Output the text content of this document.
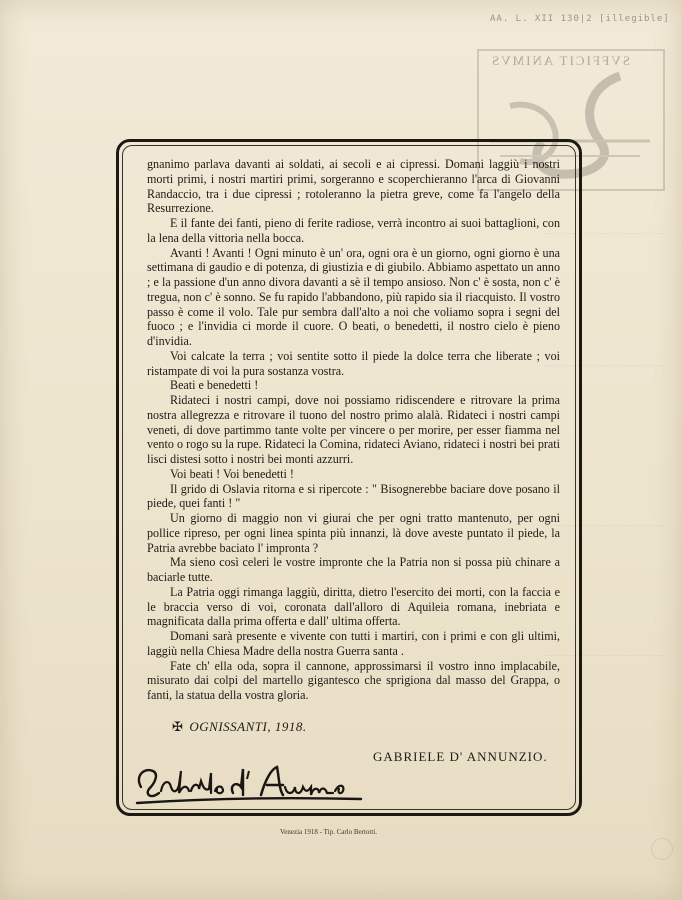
AA. L. XII 130|2 [illegible]
SVFFICIT ANIMVS
— — — — — — — — — — —
— — — — — — — — — — —
— — — — — — — — — — —
— — — — — — — — — — —

gnanimo parlava davanti ai soldati, ai secoli e ai cipressi. Domani laggiù i nostri morti primi, i nostri martiri primi, sorgeranno e scoperchieranno l'arca di Giovanni Randaccio, tra i due cipressi ; rotoleranno la pietra greve, come fa l'angelo della Resurrezione.

E il fante dei fanti, pieno di ferite radiose, verrà incontro ai suoi battaglioni, con la lena della vittoria nella bocca.

Avanti ! Avanti ! Ogni minuto è un' ora, ogni ora è un giorno, ogni giorno è una settimana di gaudio e di potenza, di giustizia e di giubilo. Abbiamo aspettato un anno ; e la passione d'un anno divora davanti a sè il tempo ansioso. Non c' è sosta, non c' è tregua, non c' è sonno. Se fu rapido l'abbandono, più rapido sia il riacquisto. Il vostro passo è come il volo. Tale pur sembra dall'alto a noi che voliamo sopra i segni del fuoco ; e l'invidia ci morde il cuore. O beati, o benedetti, il nostro cielo è pieno d'invidia.

Voi calcate la terra ; voi sentite sotto il piede la dolce terra che liberate ; voi ristampate di voi la pura sostanza vostra.

Beati e benedetti !

Ridateci i nostri campi, dove noi possiamo ridiscendere e ritrovare la prima nostra allegrezza e ritrovare il tuono del nostro primo alalà. Ridateci i nostri campi veneti, di dove partimmo tante volte per vincere o per morire, per esser fiamma nel vento o rogo su la rupe. Ridateci la Comina, ridateci Aviano, ridateci i nostri bei prati lisci distesi sotto i nostri bei monti azzurri.

Voi beati ! Voi benedetti !

Il grido di Oslavia ritorna e si ripercote : " Bisognerebbe baciare dove posano il piede, quei fanti ! "

Un giorno di maggio non vi giurai che per ogni tratto mantenuto, per ogni pollice ripreso, per ogni linea spinta più innanzi, là dove aveste puntato il piede, la Patria avrebbe baciato l' impronta ?

Ma sieno così celeri le vostre impronte che la Patria non si possa più chinare a baciarle tutte.

La Patria oggi rimanga laggiù, diritta, dietro l'esercito dei morti, con la faccia e le braccia verso di voi, coronata dall'alloro di Aquileia romana, inebriata e magnificata dalla prima offerta e dall' ultima offerta.

Domani sarà presente e vivente con tutti i martiri, con i primi e con gli ultimi, laggiù nella Chiesa Madre della nostra Guerra santa .

Fate ch' ella oda, sopra il cannone, approssimarsi il vostro inno implacabile, misurato dai colpi del martello gigantesco che sprigiona dal masso del Grappa, o fanti, la statua della vostra gloria.

✠ OGNISSANTI, 1918.
GABRIELE D' ANNUNZIO.
Venezia 1918 - Tip. Carlo Bertotti.
